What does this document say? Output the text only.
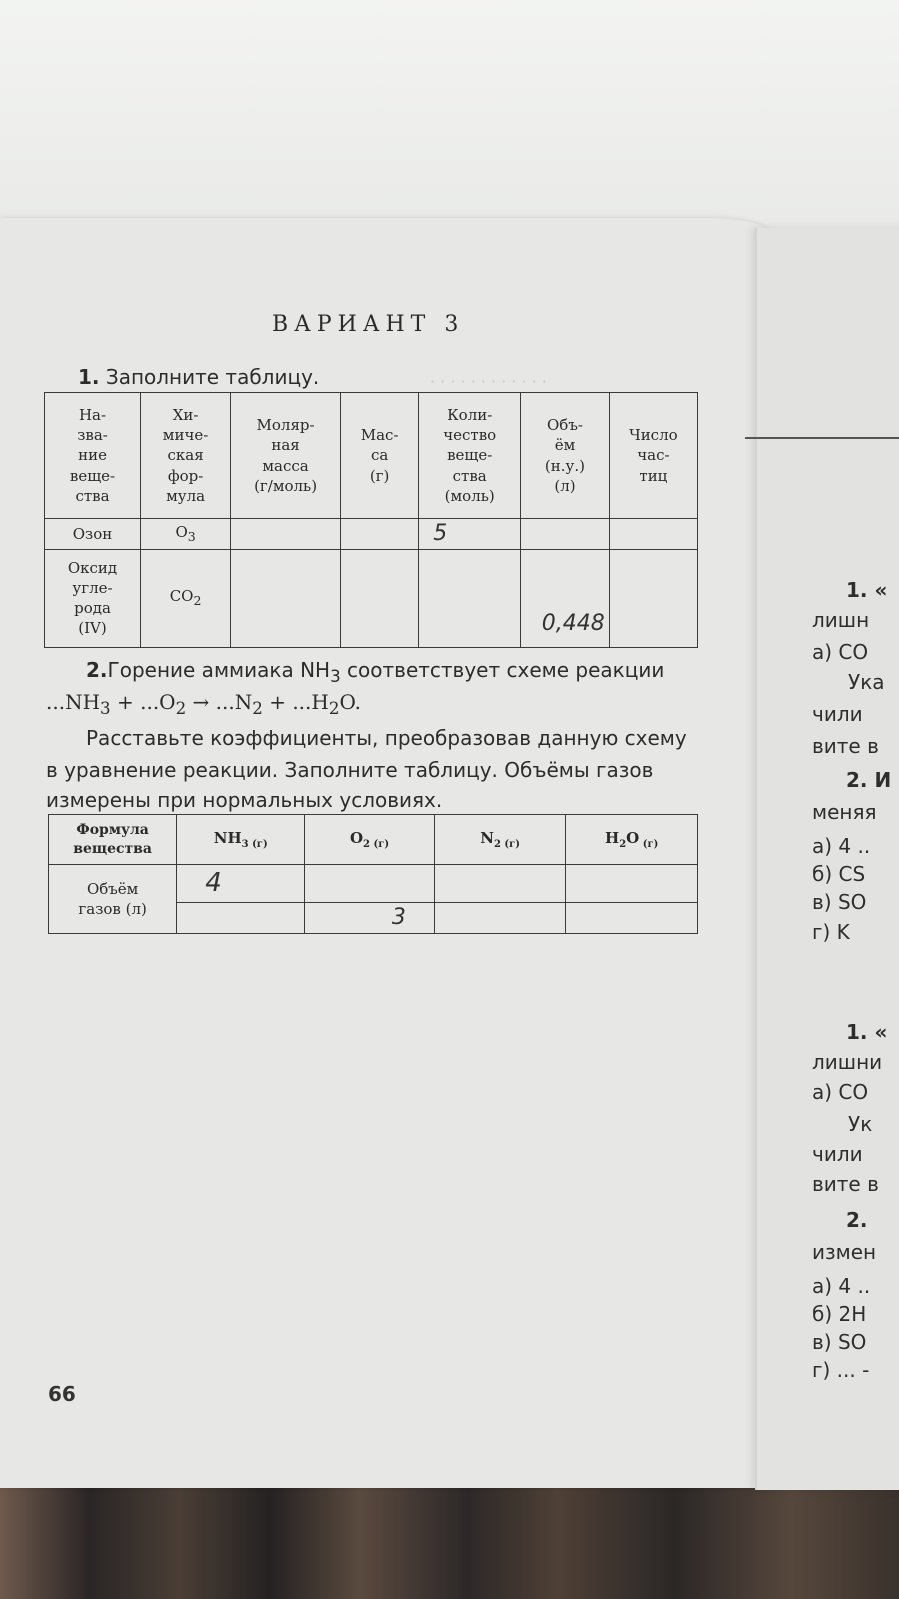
· · · · · · · · · · · ·
ВАРИАНТ 3
1. Заполните таблицу.
На-
зва-
ние
веще-
ства	Хи-
миче-
ская
фор-
мула	Моляр-
ная
масса
(г/моль)	Мас-
са
(г)	Коли-
чество
веще-
ства
(моль)	Объ-
ём
(н.у.)
(л)	Число
час-
тиц
Озон	$O_3$			5		
Оксид
угле-
рода
(IV)	$CO_2$				0,448	
2.Горение аммиака $NH_3$ соответствует схеме реакции
$...NH_3 + ...O_2 \to ...N_2 + ...H_2O$.
Расставьте коэффициенты, преобразовав данную схему
в уравнение реакции. Заполните таблицу. Объёмы газов
измерены при нормальных условиях.
Формула
вещества	$NH_{3 (г)}$	$O_{2 (г)}$	$N_{2 (г)}$	$H_2O$ $_{(г)}$
Объём
газов (л)	4			
		3		
66
1. «
лишн
а) CO
Ука
чили
вите в
2. И
меняя
а) 4 ..
б) CS
в) SO
г) K
1. «
лишни
а) CO
Ук
чили
вите в
2.
измен
а) 4 ..
б) 2H
в) SO
г) ... -
